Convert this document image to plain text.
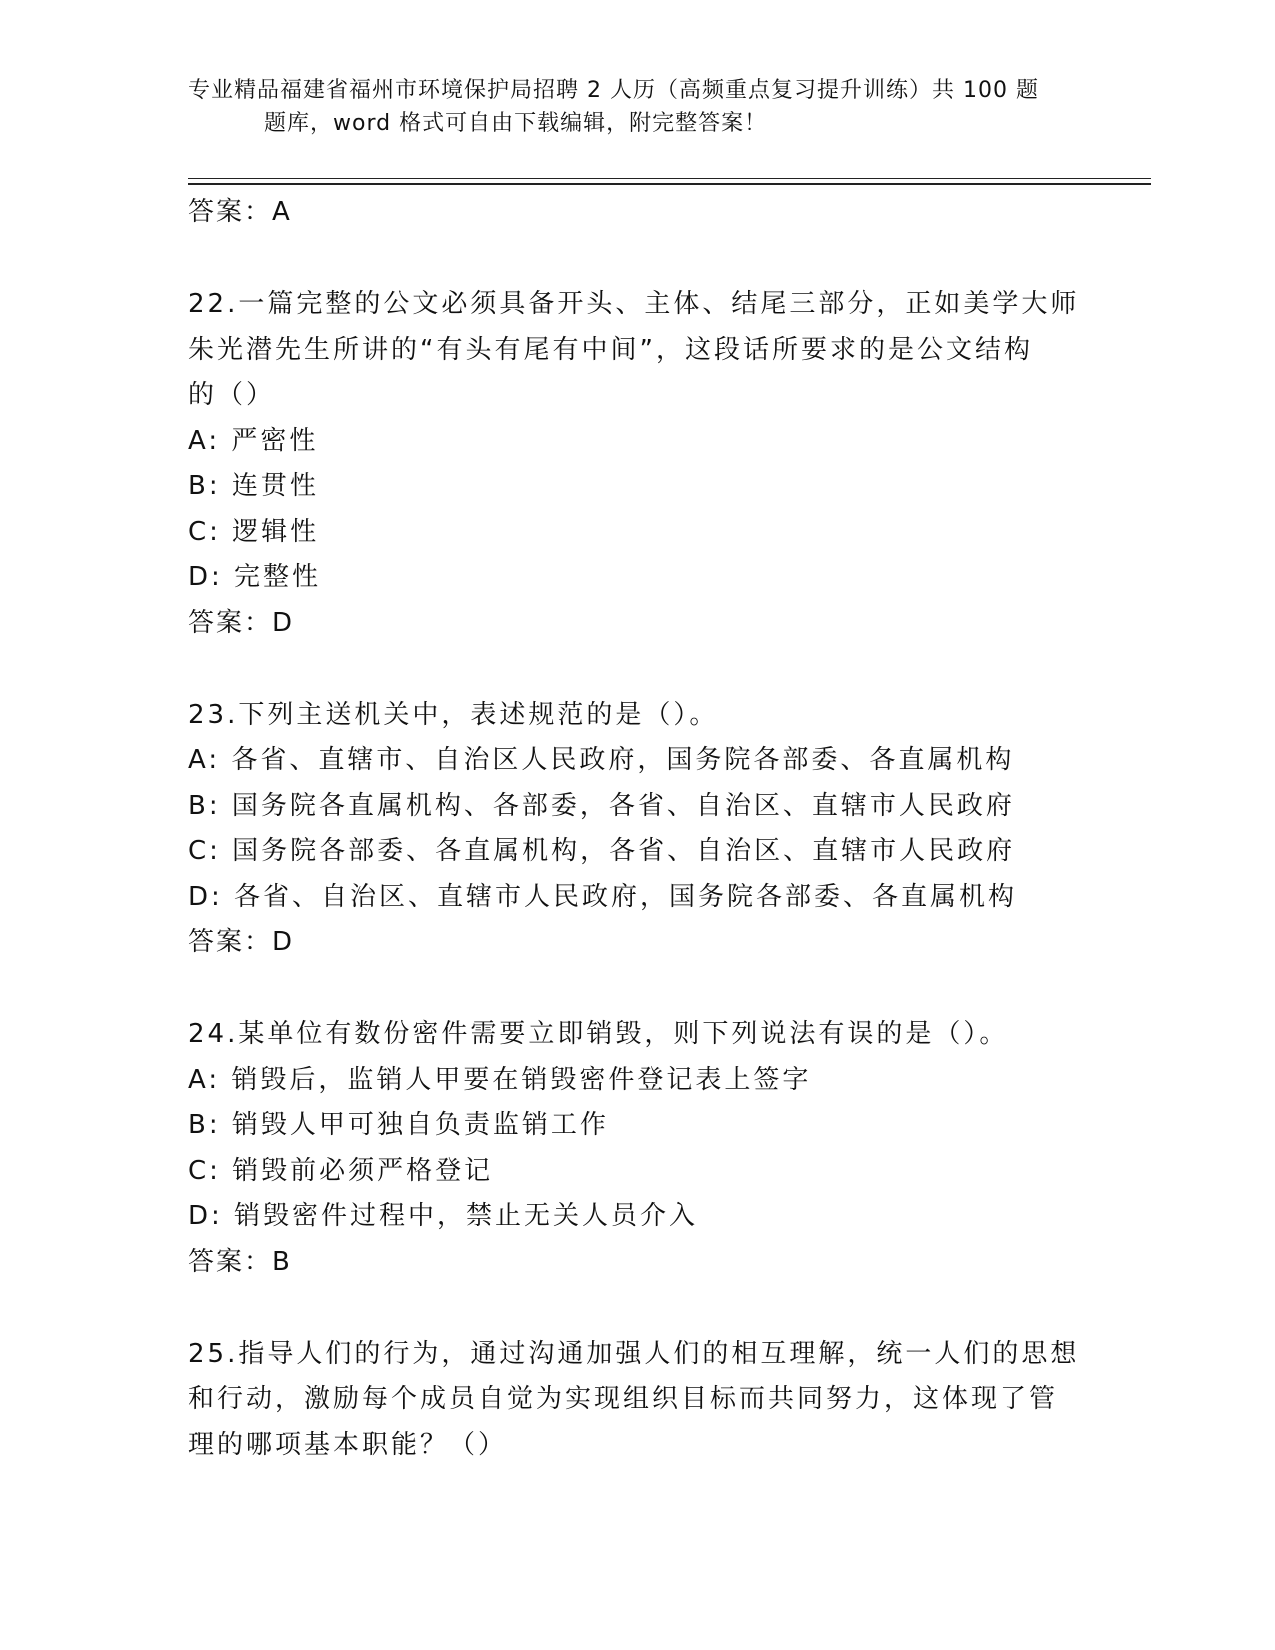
专业精品福建省福州市环境保护局招聘 2 人历（高频重点复习提升训练）共 100 题
题库，word 格式可自由下载编辑，附完整答案！
答案：A
22.一篇完整的公文必须具备开头、主体、结尾三部分，正如美学大师
朱光潜先生所讲的“有头有尾有中间”，这段话所要求的是公文结构
的（）
A: 严密性
B: 连贯性
C: 逻辑性
D: 完整性
答案：D
23.下列主送机关中，表述规范的是（）。
A: 各省、直辖市、自治区人民政府，国务院各部委、各直属机构
B: 国务院各直属机构、各部委，各省、自治区、直辖市人民政府
C: 国务院各部委、各直属机构，各省、自治区、直辖市人民政府
D: 各省、自治区、直辖市人民政府，国务院各部委、各直属机构
答案：D
24.某单位有数份密件需要立即销毁，则下列说法有误的是（）。
A: 销毁后，监销人甲要在销毁密件登记表上签字
B: 销毁人甲可独自负责监销工作
C: 销毁前必须严格登记
D: 销毁密件过程中，禁止无关人员介入
答案：B
25.指导人们的行为，通过沟通加强人们的相互理解，统一人们的思想
和行动，激励每个成员自觉为实现组织目标而共同努力，这体现了管
理的哪项基本职能？（）
